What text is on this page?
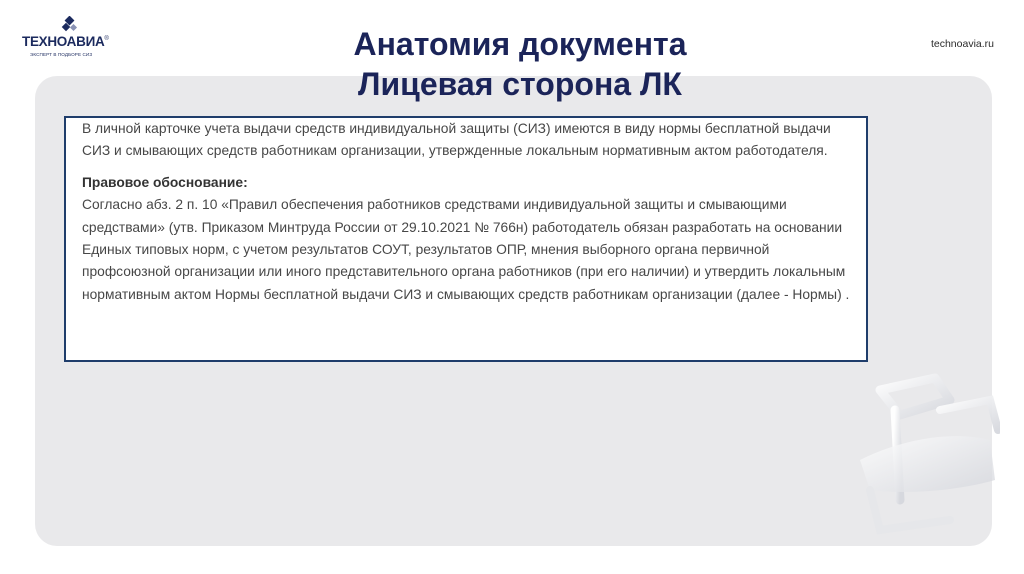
ТЕХНОАВИА®
ЭКСПЕРТ В ПОДБОРЕ СИЗ
technoavia.ru
Анатомия документа
Лицевая сторона ЛК

В личной карточке учета выдачи средств индивидуальной защиты (СИЗ) имеются в виду нормы бесплатной выдачи СИЗ и смывающих средств работникам организации, утвержденные локальным нормативным актом работодателя.

Правовое обоснование:

Согласно абз. 2 п. 10 «Правил обеспечения работников средствами индивидуальной защиты и смывающими средствами» (утв. Приказом Минтруда России от 29.10.2021 № 766н) работодатель обязан разработать на основании Единых типовых норм, с учетом результатов СОУТ, результатов ОПР, мнения выборного органа первичной профсоюзной организации или иного представительного органа работников (при его наличии) и утвердить локальным нормативным актом Нормы бесплатной выдачи СИЗ и смывающих средств работникам организации (далее - Нормы) .
